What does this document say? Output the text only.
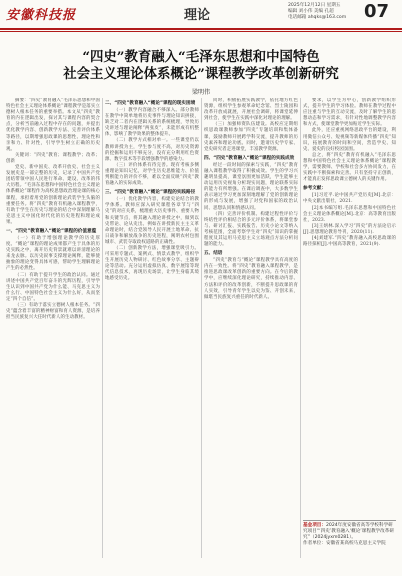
安徽科技报	理论
2025年12月12日 星期五
编辑 刘小伟 美编 孔超
电话邮箱 ahqks@163.com 07
“四史”教育融入“毛泽东思想和中国特色
社会主义理论体系概论”课程教学改革创新研究
梁明伟

摘要：“四史”教育融入“毛泽东思想和中国特色社会主义理论体系概论”课程教学是落实立德树人根本任务的重要举措。本文从“四史”教育的内在逻辑出发，探讨其与课程内容的契合点，分析当前融入过程中存在的问题，并提出优化教学内容、创新教学方法、完善评价体系等路径，以期增强思政课的思想性、理论性和亲和力、针对性，引导学生树立正确的历史观。

关键词：“四史”教育；课程教学；改革；创新

党史、新中国史、改革开放史、社会主义发展史是一部完整的历史，记录了中国共产党团结带领中国人民进行革命、建设、改革的伟大历程。“毛泽东思想和中国特色社会主义理论体系概论”课程作为高校思想政治理论课的核心课程，承担着用党的创新理论武装学生头脑的重要任务。将“四史”教育有机融入课程教学，有助于学生在历史与理论的结合中深刻理解马克思主义中国化时代化的历史进程和理论成果。

一、“四史”教育融入“概论”课程的价值意蕴

（一）有助于增强理论教学的历史厚度。“概论”课程的理论成果都产生于具体的历史实践之中，离开历史背景就难以讲清理论的来龙去脉。以历史叙事支撑理论阐释，能够使抽象的理论变得具体可感，帮助学生理解理论产生的必然性。

（二）有助于提升学生的政治认同。通过讲述中国共产党百年奋斗的光辉历程，引导学生认识到中国共产党为什么能、马克思主义为什么行、中国特色社会主义为什么好，从而坚定“四个自信”。

（三）有助于落实立德树人根本任务。“四史”蕴含着丰富的精神财富和育人资源，是培养担当民族复兴大任时代新人的生动教材。

二、“四史”教育融入“概论”课程的现实困境

（一）教学内容融合不够深入。部分教师在教学中简单地将历史事件与理论知识拼接，缺乏对二者内在逻辑关系的系统梳理，导致历史讲述与理论阐释“两张皮”，未能形成有机整体，影响了教学效果的整体提升。

（二）教学方式相对单一。一些课堂仍以教师讲授为主，学生参与度不高，对历史资源的挖掘和运用不够充分，没有充分利用红色资源、数字技术等手段增强教学的感染力。

（三）评价体系有待完善。现有考核多侧重理论知识记忆，对学生历史思维能力、价值判断能力的评价不够，难以全面反映“四史”教育融入的实际成效。

三、“四史”教育融入“概论”课程的实践路径

（一）优化教学内容，构建史论结合的教学体系。教师应深入研究课程各章节与“四史”的对应关系，梳理重大历史事件、重要人物和关键节点，将其融入理论讲授之中，做到以史带论、论从史出。例如在讲授新民主主义革命理论时，结合党领导人民开展土地革命、抗日战争和解放战争的历史进程，阐明农村包围城市、武装夺取政权道路的正确性。

（二）创新教学方法，增强课堂吸引力。可采用专题式、案例式、情景式教学，组织学生开展历史人物研讨、红色故事分享、主题辩论等活动。充分运用虚拟仿真、数字展馆等现代信息技术，再现历史场景，让学生身临其境地感受历史。

同时，积极拓展实践教学，依托地方红色资源，组织学生参观革命纪念馆、烈士陵园和改革开放成就展，开展社会调研，将课堂延伸到社会，使学生在实践中深化对理论的理解。

（三）加强师资队伍建设。高校应定期组织思政课教师参加“四史”专题培训和集体备课，鼓励教师开展跨学科交流，提升教师的历史素养和理论功底。同时，邀请历史学专家、党史研究者走进课堂，丰富教学资源。

四、“四史”教育融入“概论”课程的实践成效

经过一段时间的探索与实践，“四史”教育融入课程教学取得了积极成效。学生的学习兴趣明显提高，课堂氛围更加活跃，学生能够主动运用历史视角分析现实问题，理论联系实际的能力有所增强。在课后调查中，大多数学生表示通过学习更加深刻地理解了党的创新理论的形成与发展，增强了对党和国家的政治认同、思想认同和情感认同。

（四）完善评价机制。构建过程性评价与终结性评价相结合的多元评价体系，将课堂参与、研讨汇报、实践报告、历史小论文等纳入考核范围，全面考察学生对“四史”知识的掌握程度及其运用马克思主义立场观点方法分析问题的能力。

五、结语

“四史”教育与“概论”课程教学具有高度的内在一致性。将“四史”教育融入课程教学，是推进思政课改革创新的重要方向。在今后的教学中，应继续深化理论研究，持续推动内容、方法和评价的改革创新，不断提升思政课的育人实效，引导青年学生以史为鉴、开创未来，做堪当民族复兴重任的时代新人。

要求，以学生为中心，创新教学组织形式，提升学生的学习体验。教师在教学过程中应注重与学生的互动交流，及时了解学生的思想动态和学习需求，有针对性地调整教学内容和方式，使课堂教学更加贴近学生实际。

此外，还应重视网络思政平台的建设，利用微信公众号、短视频等新媒体传播“四史”知识，拓展教育的时间和空间，营造学史、知史、爱史的良好校园氛围。

总之，将“四史”教育有机融入“毛泽东思想和中国特色社会主义理论体系概论”课程教学，需要教师、学校和社会多方协同发力，在实践中不断探索和完善。只有坚持守正创新，才能真正发挥思政课立德树人的关键作用。

参考文献：

[1]习近平.论中国共产党历史[M].北京：中央文献出版社，2021.

[2]本书编写组.毛泽东思想和中国特色社会主义理论体系概论[M].北京：高等教育出版社，2023.

[3]王炳林.深入学习“四史”的方法论启示[J].思想理论教育导刊，2020(11).

[4]刘建军.“四史”教育融入高校思政课的路径探析[J].中国高等教育，2021(9).

基金项目：2024年度安徽省高等学校科学研究项目“‘四史’教育融入‘概论’课程教学改革研究”（2024jyxm0281）。
作者单位：安徽省某高校马克思主义学院
